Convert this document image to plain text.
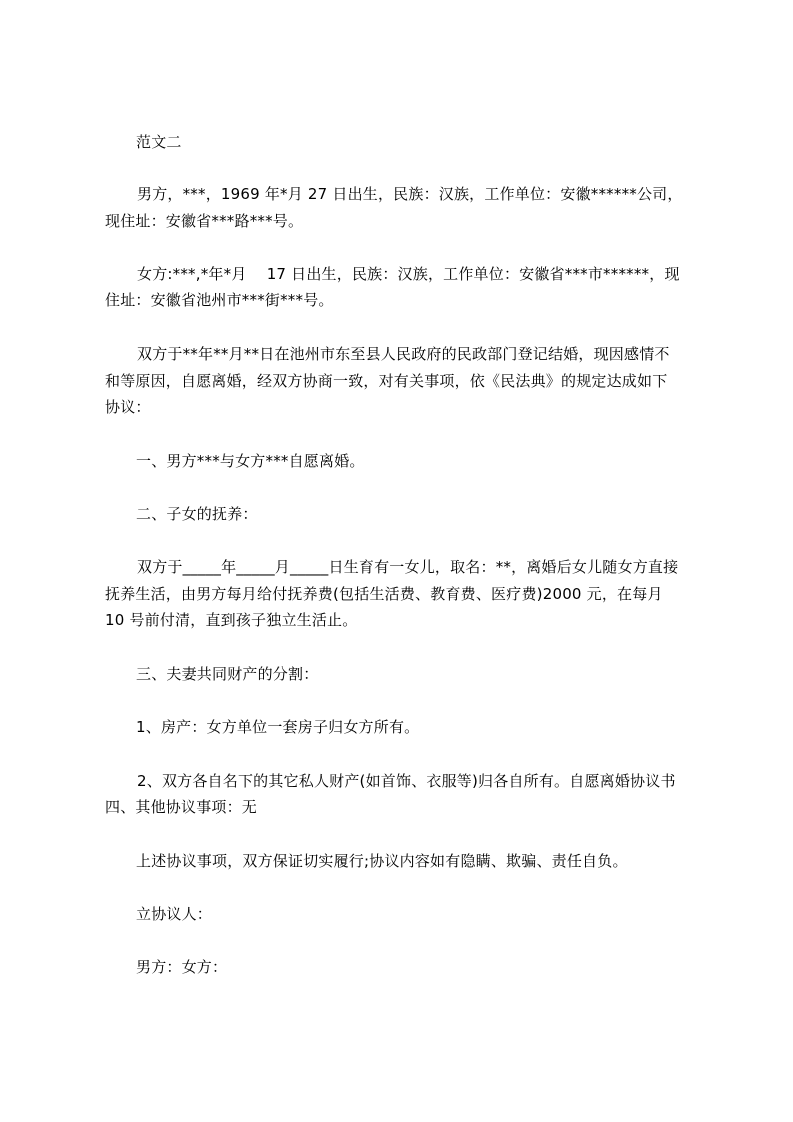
范文二
男方，***，1969 年*月 27 日出生，民族：汉族，工作单位：安徽******公司，
现住址：安徽省***路***号。
女方:***,*年*月　 17 日出生，民族：汉族，工作单位：安徽省***市******，现
住址：安徽省池州市***街***号。
双方于**年**月**日在池州市东至县人民政府的民政部门登记结婚，现因感情不
和等原因，自愿离婚，经双方协商一致，对有关事项，依《民法典》的规定达成如下
协议：
一、男方***与女方***自愿离婚。
二、子女的抚养：
双方于_____年_____月_____日生育有一女儿，取名：**，离婚后女儿随女方直接
抚养生活，由男方每月给付抚养费(包括生活费、教育费、医疗费)2000 元，在每月
10 号前付清，直到孩子独立生活止。
三、夫妻共同财产的分割：
1、房产：女方单位一套房子归女方所有。
2、双方各自名下的其它私人财产(如首饰、衣服等)归各自所有。自愿离婚协议书
四、其他协议事项：无
上述协议事项，双方保证切实履行;协议内容如有隐瞒、欺骗、责任自负。
立协议人：
男方：女方：
